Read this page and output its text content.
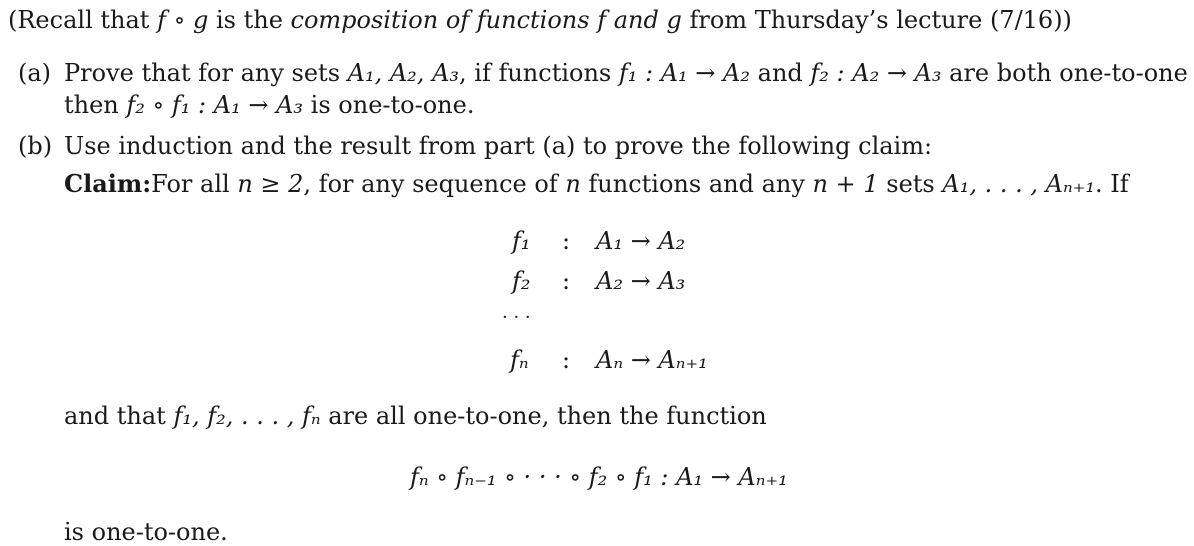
(Recall that f ∘ g is the composition of functions f and g from Thursday’s lecture (7/16))
(a) Prove that for any sets A₁, A₂, A₃, if functions f₁ : A₁ → A₂ and f₂ : A₂ → A₃ are both one-to-one
then f₂ ∘ f₁ : A₁ → A₃ is one-to-one.
(b) Use induction and the result from part (a) to prove the following claim:
Claim:For all n ≥ 2, for any sequence of n functions and any n + 1 sets A₁, . . . , Aₙ₊₁. If
f₁ : A₁ → A₂
f₂ : A₂ → A₃
· · ·
fₙ : Aₙ → Aₙ₊₁
and that f₁, f₂, . . . , fₙ are all one-to-one, then the function
fₙ ∘ fₙ₋₁ ∘ · · · ∘ f₂ ∘ f₁ : A₁ → Aₙ₊₁
is one-to-one.
